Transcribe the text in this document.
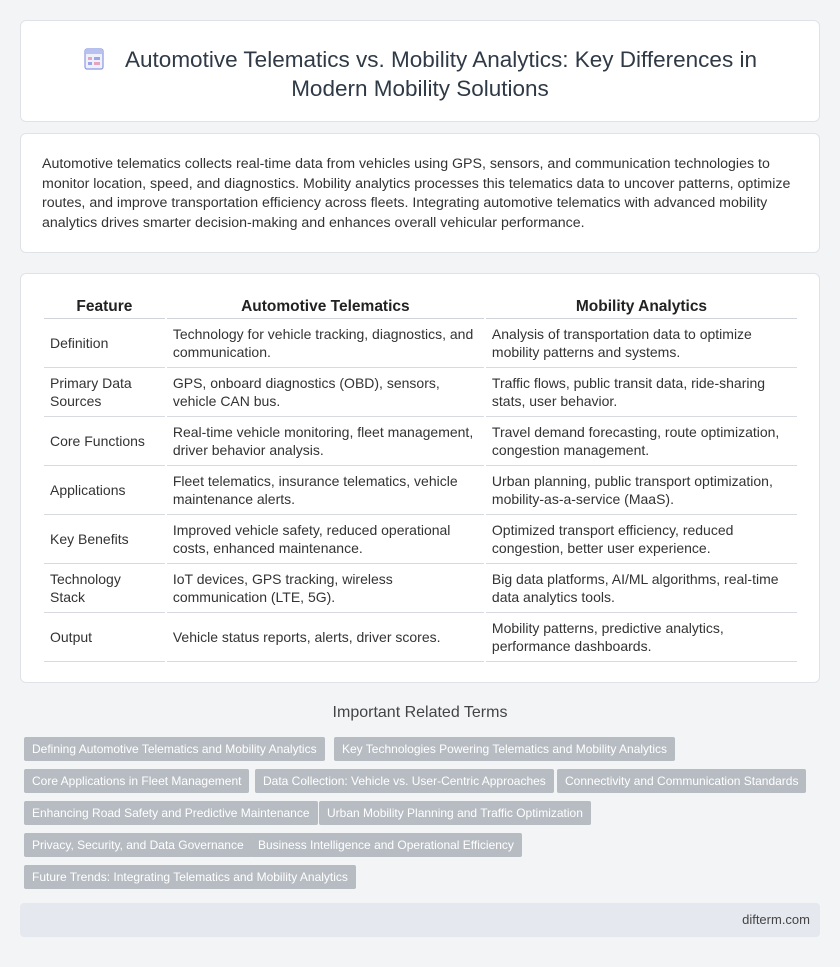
Automotive Telematics vs. Mobility Analytics: Key Differences in Modern Mobility Solutions
Automotive telematics collects real-time data from vehicles using GPS, sensors, and communication technologies to monitor location, speed, and diagnostics. Mobility analytics processes this telematics data to uncover patterns, optimize routes, and improve transportation efficiency across fleets. Integrating automotive telematics with advanced mobility analytics drives smarter decision-making and enhances overall vehicular performance.
Feature	Automotive Telematics	Mobility Analytics
Definition	Technology for vehicle tracking, diagnostics, and communication.	Analysis of transportation data to optimize mobility patterns and systems.
Primary Data Sources	GPS, onboard diagnostics (OBD), sensors, vehicle CAN bus.	Traffic flows, public transit data, ride-sharing stats, user behavior.
Core Functions	Real-time vehicle monitoring, fleet management, driver behavior analysis.	Travel demand forecasting, route optimization, congestion management.
Applications	Fleet telematics, insurance telematics, vehicle maintenance alerts.	Urban planning, public transport optimization, mobility-as-a-service (MaaS).
Key Benefits	Improved vehicle safety, reduced operational costs, enhanced maintenance.	Optimized transport efficiency, reduced congestion, better user experience.
Technology Stack	IoT devices, GPS tracking, wireless communication (LTE, 5G).	Big data platforms, AI/ML algorithms, real-time data analytics tools.
Output	Vehicle status reports, alerts, driver scores.	Mobility patterns, predictive analytics, performance dashboards.
Important Related Terms
Defining Automotive Telematics and Mobility Analytics	Key Technologies Powering Telematics and Mobility Analytics
Core Applications in Fleet Management	Data Collection: Vehicle vs. User-Centric Approaches	Connectivity and Communication Standards
Enhancing Road Safety and Predictive Maintenance	Urban Mobility Planning and Traffic Optimization
Privacy, Security, and Data Governance	Business Intelligence and Operational Efficiency
Future Trends: Integrating Telematics and Mobility Analytics
difterm.com
